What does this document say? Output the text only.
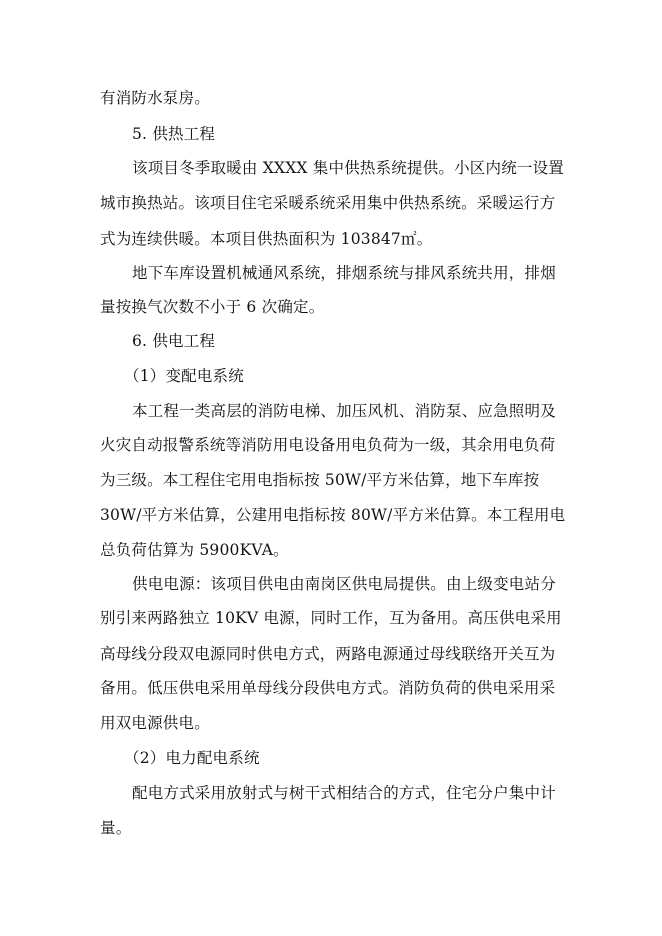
有消防水泵房。
5. 供热工程
该项目冬季取暖由 XXXX 集中供热系统提供。小区内统一设置
城市换热站。该项目住宅采暖系统采用集中供热系统。采暖运行方
式为连续供暖。本项目供热面积为 103847㎡。
地下车库设置机械通风系统，排烟系统与排风系统共用，排烟
量按换气次数不小于 6 次确定。
6. 供电工程
（1）变配电系统
本工程一类高层的消防电梯、加压风机、消防泵、应急照明及
火灾自动报警系统等消防用电设备用电负荷为一级，其余用电负荷
为三级。本工程住宅用电指标按 50W/平方米估算，地下车库按
30W/平方米估算，公建用电指标按 80W/平方米估算。本工程用电
总负荷估算为 5900KVA。
供电电源：该项目供电由南岗区供电局提供。由上级变电站分
别引来两路独立 10KV 电源，同时工作，互为备用。高压供电采用
高母线分段双电源同时供电方式，两路电源通过母线联络开关互为
备用。低压供电采用单母线分段供电方式。消防负荷的供电采用采
用双电源供电。
（2）电力配电系统
配电方式采用放射式与树干式相结合的方式，住宅分户集中计
量。
